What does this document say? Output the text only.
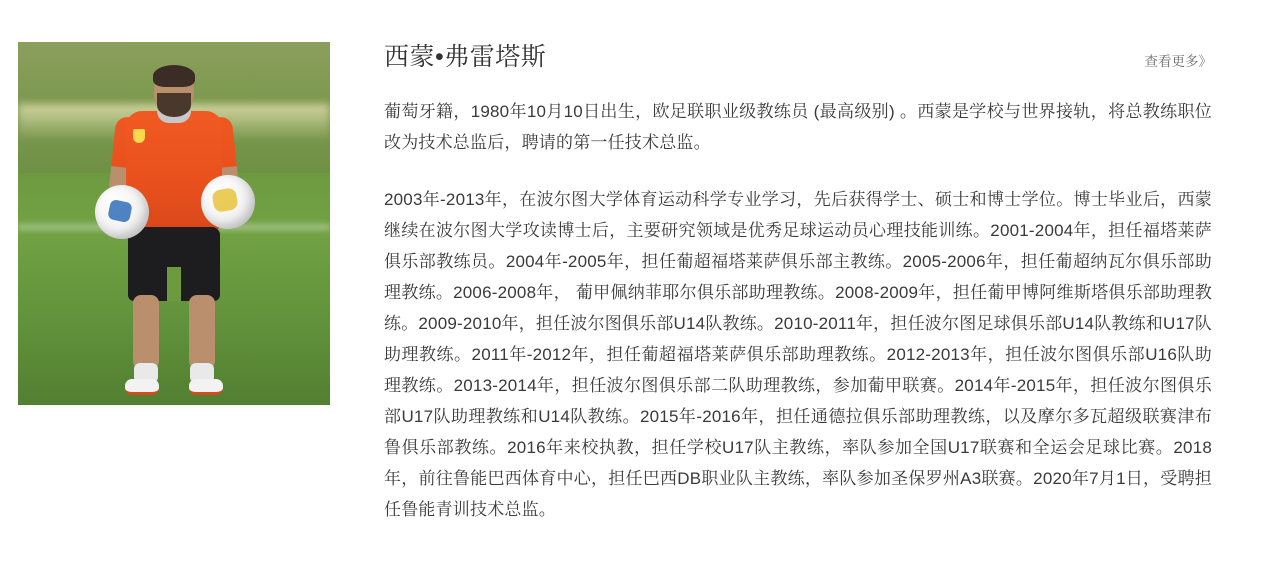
西蒙•弗雷塔斯	查看更多》

葡萄牙籍，1980年10月10日出生，欧足联职业级教练员 (最高级别) 。西蒙是学校与世界接轨，将总教练职位改为技术总监后，聘请的第一任技术总监。

2003年-2013年，在波尔图大学体育运动科学专业学习，先后获得学士、硕士和博士学位。博士毕业后，西蒙继续在波尔图大学攻读博士后，主要研究领域是优秀足球运动员心理技能训练。2001-2004年，担任福塔莱萨俱乐部教练员。2004年-2005年，担任葡超福塔莱萨俱乐部主教练。2005-2006年，担任葡超纳瓦尔俱乐部助理教练。2006-2008年， 葡甲佩纳菲耶尔俱乐部助理教练。2008-2009年，担任葡甲博阿维斯塔俱乐部助理教练。2009-2010年，担任波尔图俱乐部U14队教练。2010-2011年，担任波尔图足球俱乐部U14队教练和U17队助理教练。2011年-2012年，担任葡超福塔莱萨俱乐部助理教练。2012-2013年，担任波尔图俱乐部U16队助理教练。2013-2014年，担任波尔图俱乐部二队助理教练，参加葡甲联赛。2014年-2015年，担任波尔图俱乐部U17队助理教练和U14队教练。2015年-2016年，担任通德拉俱乐部助理教练，以及摩尔多瓦超级联赛津布鲁俱乐部教练。2016年来校执教，担任学校U17队主教练，率队参加全国U17联赛和全运会足球比赛。2018年，前往鲁能巴西体育中心，担任巴西DB职业队主教练，率队参加圣保罗州A3联赛。2020年7月1日，受聘担任鲁能青训技术总监。
